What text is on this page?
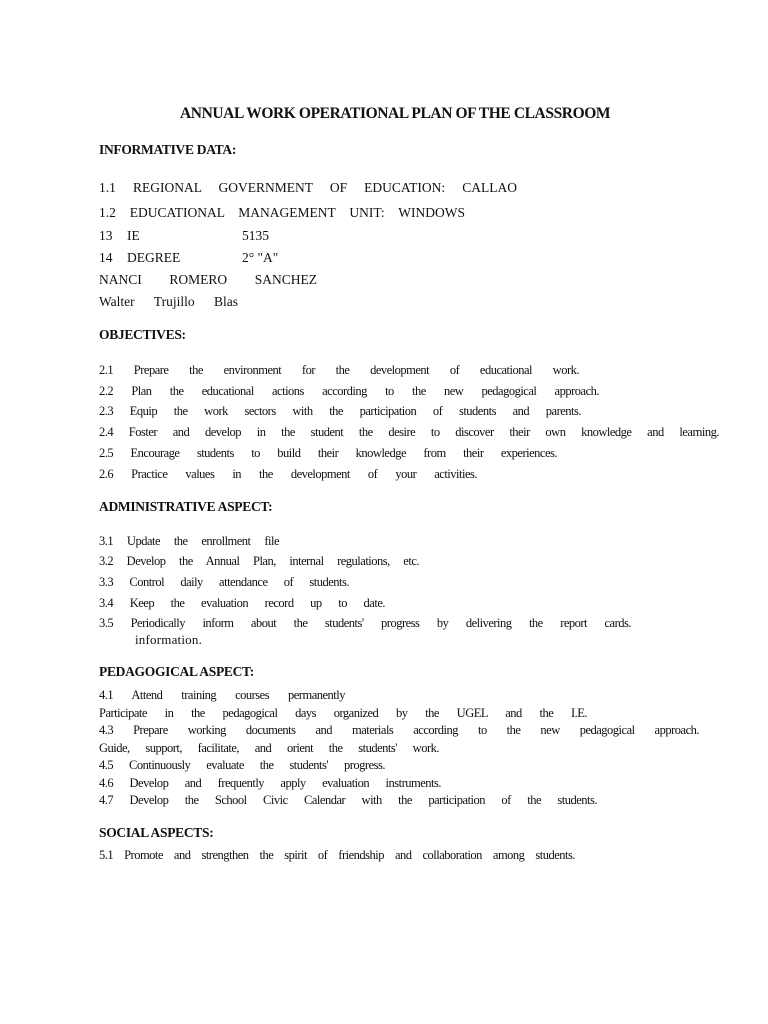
ANNUAL WORK OPERATIONAL PLAN OF THE CLASSROOM
INFORMATIVE DATA:
1.1 REGIONAL GOVERNMENT OF EDUCATION: CALLAO
1.2 EDUCATIONAL MANAGEMENT UNIT: WINDOWS
13 IE	5135
14 DEGREE	2° "A"
NANCI ROMERO SANCHEZ
Walter Trujillo Blas
OBJECTIVES:
2.1 Prepare the environment for the development of educational work.
2.2 Plan the educational actions according to the new pedagogical approach.
2.3 Equip the work sectors with the participation of students and parents.
2.4 Foster and develop in the student the desire to discover their own knowledge and learning.
2.5 Encourage students to build their knowledge from their experiences.
2.6 Practice values in the development of your activities.
ADMINISTRATIVE ASPECT:
3.1 Update the enrollment file
3.2 Develop the Annual Plan, internal regulations, etc.
3.3 Control daily attendance of students.
3.4 Keep the evaluation record up to date.
3.5 Periodically inform about the students' progress by delivering the report cards.
information.
PEDAGOGICAL ASPECT:
4.1 Attend training courses permanently
Participate in the pedagogical days organized by the UGEL and the I.E.
4.3 Prepare working documents and materials according to the new pedagogical approach.
Guide, support, facilitate, and orient the students' work.
4.5 Continuously evaluate the students' progress.
4.6 Develop and frequently apply evaluation instruments.
4.7 Develop the School Civic Calendar with the participation of the students.
SOCIAL ASPECTS:
5.1 Promote and strengthen the spirit of friendship and collaboration among students.
